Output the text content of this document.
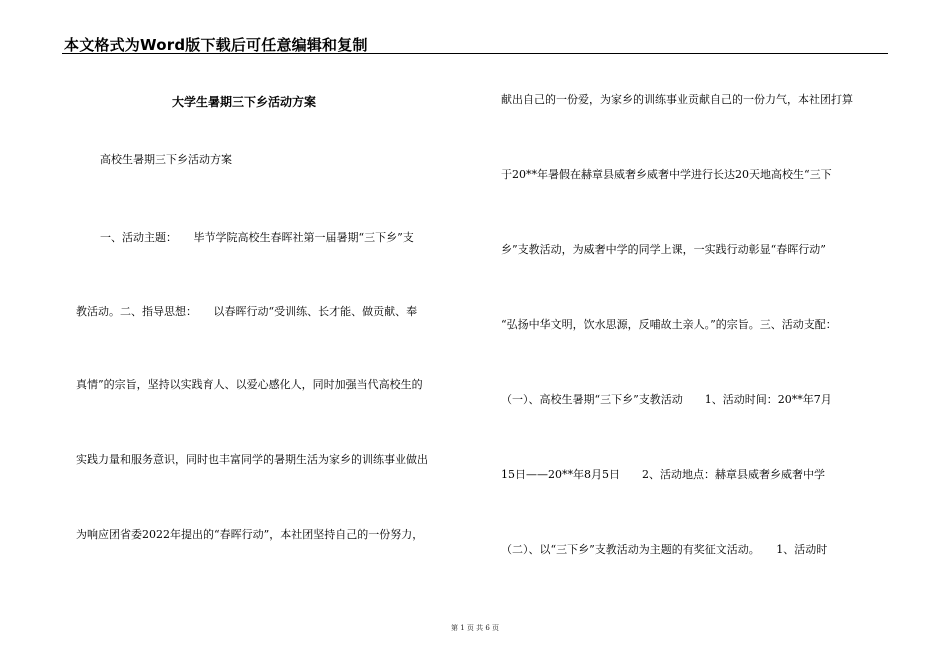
本文格式为Word版下载后可任意编辑和复制
大学生暑期三下乡活动方案
高校生暑期三下乡活动方案
一、活动主题：　　毕节学院高校生春晖社第一届暑期“三下乡”支
教活动。二、指导思想：　　以春晖行动“受训练、长才能、做贡献、奉
真情”的宗旨，坚持以实践育人、以爱心感化人，同时加强当代高校生的
实践力量和服务意识，同时也丰富同学的暑期生活为家乡的训练事业做出
为响应团省委2022年提出的“春晖行动”，本社团坚持自己的一份努力，
献出自己的一份爱，为家乡的训练事业贡献自己的一份力气，本社团打算
于20**年暑假在赫章县威奢乡威奢中学进行长达20天地高校生“三下
乡”支教活动，为威奢中学的同学上课，一实践行动彰显“春晖行动”
“弘扬中华文明，饮水思源，反哺故土亲人。”的宗旨。三、活动支配：
（一）、高校生暑期“三下乡”支教活动　　1、活动时间：20**年7月
15日——20**年8月5日　　2、活动地点：赫章县威奢乡威奢中学
（二）、以“三下乡”支教活动为主题的有奖征文活动。　　1、活动时
第 1 页 共 6 页
